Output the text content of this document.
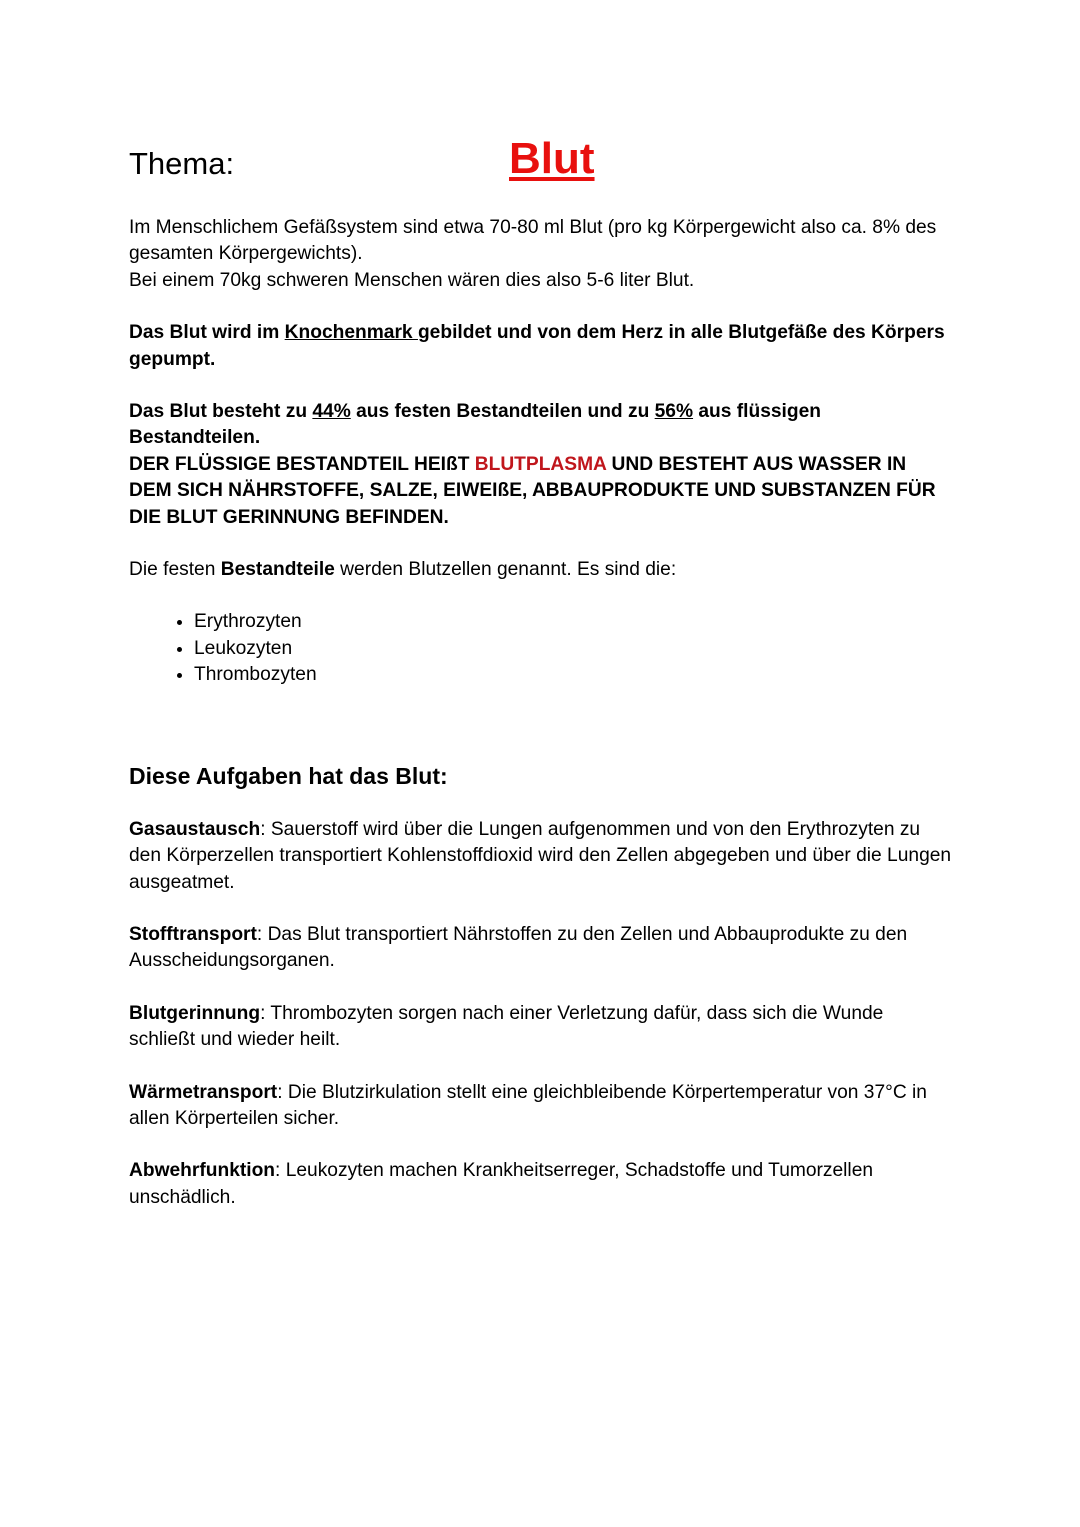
Thema:	Blut

Im Menschlichem Gefäßsystem sind etwa 70-80 ml Blut (pro kg Körpergewicht also ca. 8% des gesamten Körpergewichts).
Bei einem 70kg schweren Menschen wären dies also 5-6 liter Blut.

Das Blut wird im Knochenmark gebildet und von dem Herz in alle Blutgefäße des Körpers gepumpt.

Das Blut besteht zu 44% aus festen Bestandteilen und zu 56% aus flüssigen Bestandteilen.
DER FLÜSSIGE BESTANDTEIL HEIßT BLUTPLASMA UND BESTEHT AUS WASSER IN DEM SICH NÄHRSTOFFE, SALZE, EIWEIßE, ABBAUPRODUKTE UND SUBSTANZEN FÜR DIE BLUT GERINNUNG BEFINDEN.

Die festen Bestandteile werden Blutzellen genannt. Es sind die:

• Erythrozyten
• Leukozyten
• Thrombozyten
Diese Aufgaben hat das Blut:

Gasaustausch: Sauerstoff wird über die Lungen aufgenommen und von den Erythrozyten zu den Körperzellen transportiert Kohlenstoffdioxid wird den Zellen abgegeben und über die Lungen ausgeatmet.

Stofftransport: Das Blut transportiert Nährstoffen zu den Zellen und Abbauprodukte zu den Ausscheidungsorganen.

Blutgerinnung: Thrombozyten sorgen nach einer Verletzung dafür, dass sich die Wunde schließt und wieder heilt.

Wärmetransport: Die Blutzirkulation stellt eine gleichbleibende Körpertemperatur von 37°C in allen Körperteilen sicher.

Abwehrfunktion: Leukozyten machen Krankheitserreger, Schadstoffe und Tumorzellen unschädlich.
